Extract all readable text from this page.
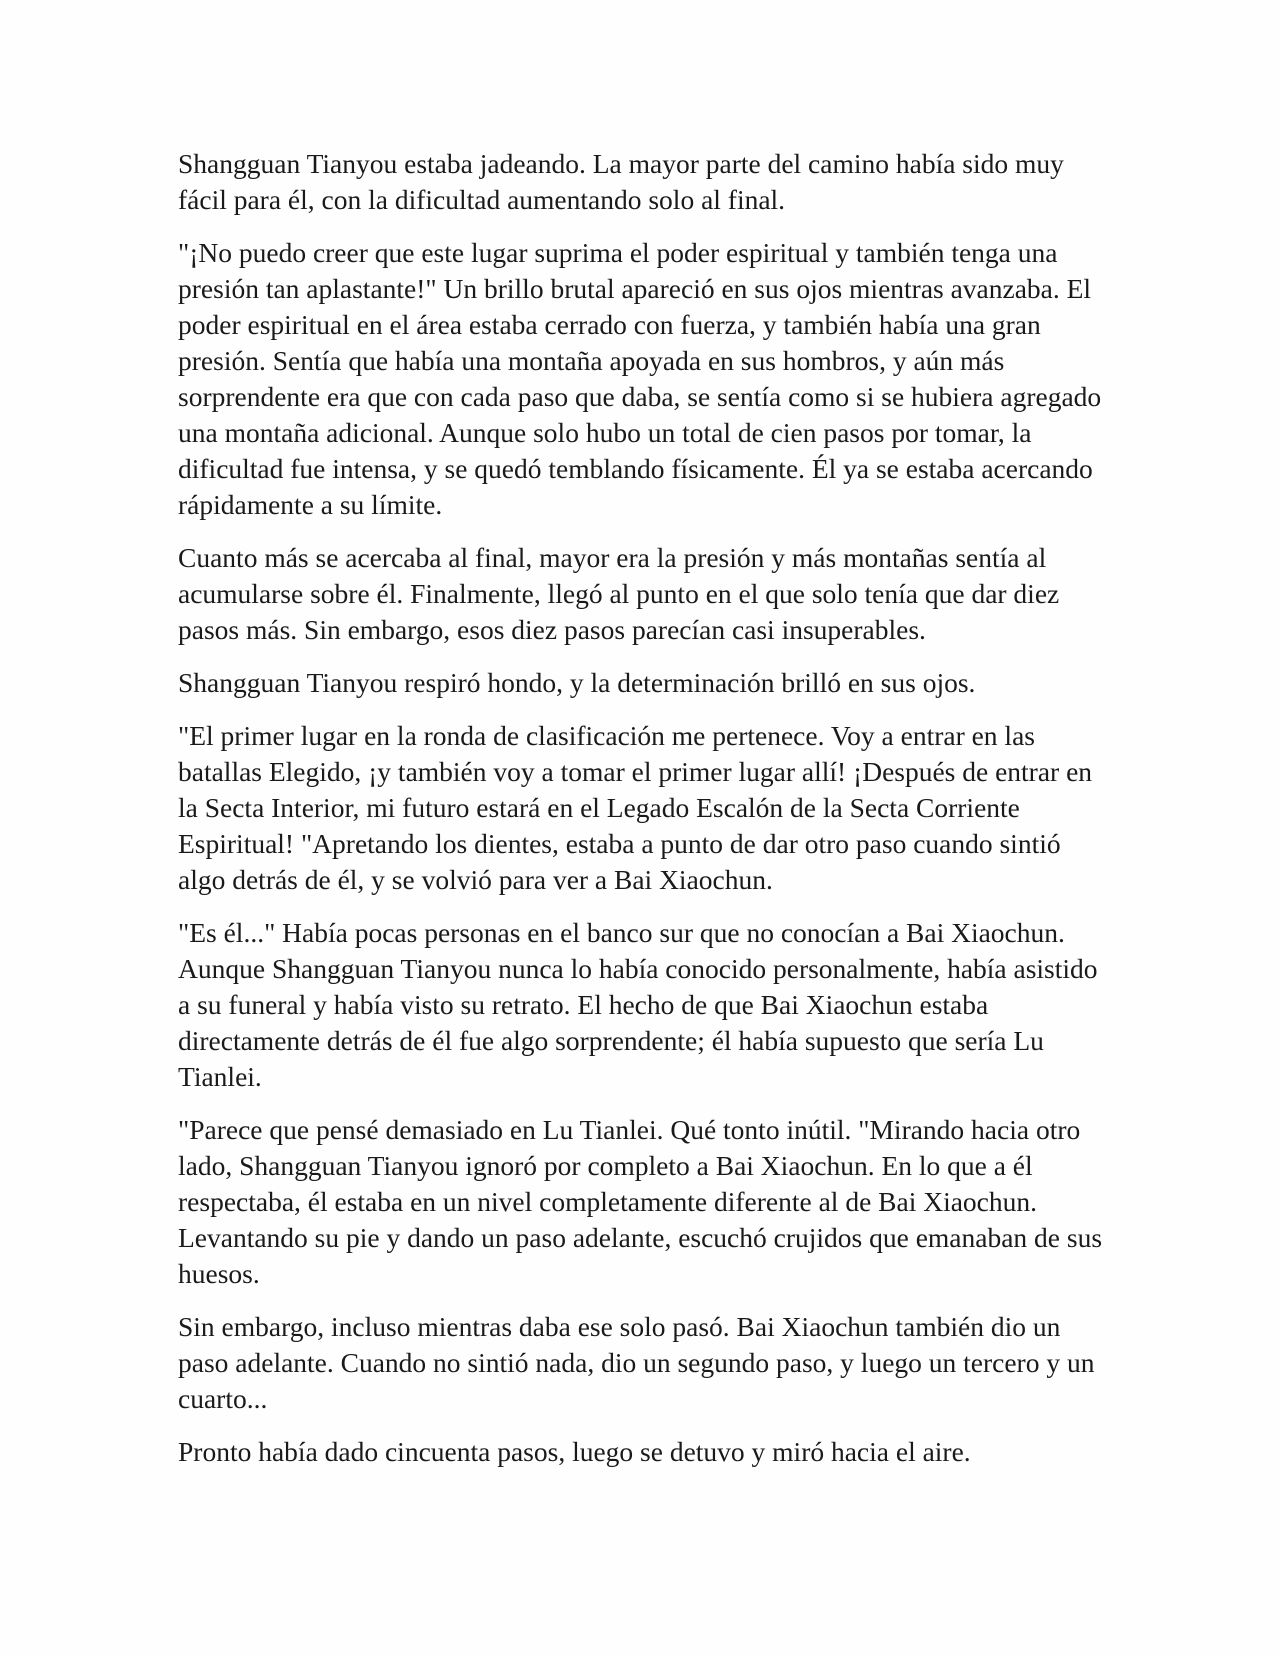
Shangguan Tianyou estaba jadeando. La mayor parte del camino había sido muy fácil para él, con la dificultad aumentando solo al final.

"¡No puedo creer que este lugar suprima el poder espiritual y también tenga una presión tan aplastante!" Un brillo brutal apareció en sus ojos mientras avanzaba. El poder espiritual en el área estaba cerrado con fuerza, y también había una gran presión. Sentía que había una montaña apoyada en sus hombros, y aún más sorprendente era que con cada paso que daba, se sentía como si se hubiera agregado una montaña adicional. Aunque solo hubo un total de cien pasos por tomar, la dificultad fue intensa, y se quedó temblando físicamente. Él ya se estaba acercando rápidamente a su límite.

Cuanto más se acercaba al final, mayor era la presión y más montañas sentía al acumularse sobre él. Finalmente, llegó al punto en el que solo tenía que dar diez pasos más. Sin embargo, esos diez pasos parecían casi insuperables.

Shangguan Tianyou respiró hondo, y la determinación brilló en sus ojos.

"El primer lugar en la ronda de clasificación me pertenece. Voy a entrar en las batallas Elegido, ¡y también voy a tomar el primer lugar allí! ¡Después de entrar en la Secta Interior, mi futuro estará en el Legado Escalón de la Secta Corriente Espiritual! "Apretando los dientes, estaba a punto de dar otro paso cuando sintió algo detrás de él, y se volvió para ver a Bai Xiaochun.

"Es él..." Había pocas personas en el banco sur que no conocían a Bai Xiaochun. Aunque Shangguan Tianyou nunca lo había conocido personalmente, había asistido a su funeral y había visto su retrato. El hecho de que Bai Xiaochun estaba directamente detrás de él fue algo sorprendente; él había supuesto que sería Lu Tianlei.

"Parece que pensé demasiado en Lu Tianlei. Qué tonto inútil. "Mirando hacia otro lado, Shangguan Tianyou ignoró por completo a Bai Xiaochun. En lo que a él respectaba, él estaba en un nivel completamente diferente al de Bai Xiaochun. Levantando su pie y dando un paso adelante, escuchó crujidos que emanaban de sus huesos.

Sin embargo, incluso mientras daba ese solo pasó. Bai Xiaochun también dio un paso adelante. Cuando no sintió nada, dio un segundo paso, y luego un tercero y un cuarto...

Pronto había dado cincuenta pasos, luego se detuvo y miró hacia el aire.
